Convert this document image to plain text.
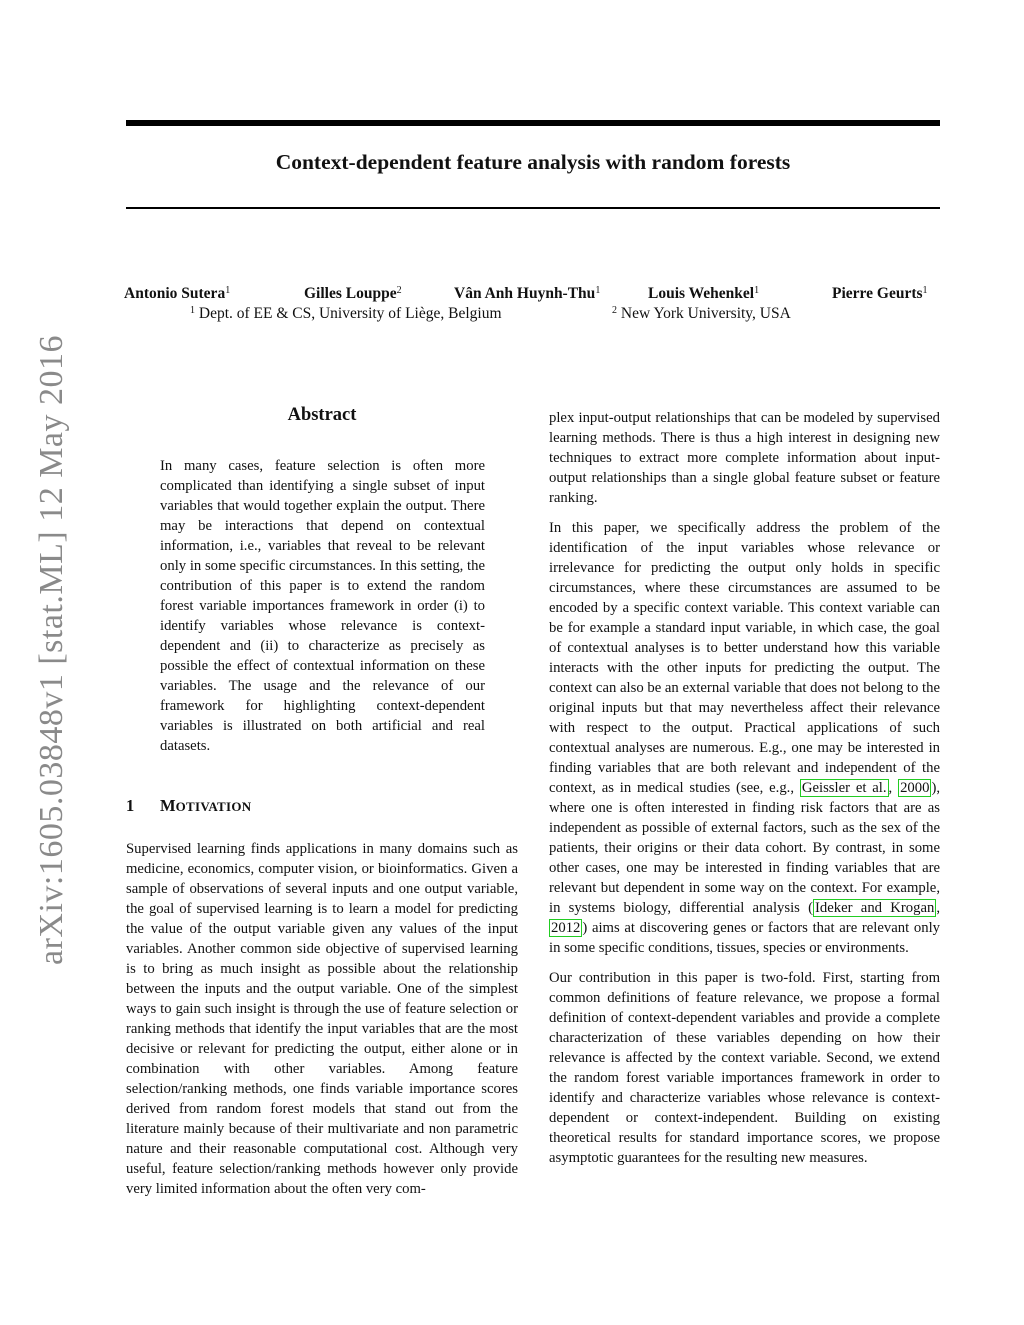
Context-dependent feature analysis with random forests
Antonio Sutera$^1$	Gilles Louppe$^2$	Vân Anh Huynh-Thu$^1$	Louis Wehenkel$^1$	Pierre Geurts$^1$
$^1$ Dept. of EE & CS, University of Liège, Belgium	$^2$ New York University, USA
arXiv:1605.03848v1 [stat.ML] 12 May 2016	Abstract

In many cases, feature selection is often more complicated than identifying a single subset of input variables that would together explain the output. There may be interactions that depend on contextual information, i.e., variables that reveal to be relevant only in some specific circumstances. In this setting, the contribution of this paper is to extend the random forest variable importances framework in order (i) to identify variables whose relevance is context-dependent and (ii) to characterize as precisely as possible the effect of contextual information on these variables. The usage and the relevance of our framework for highlighting context-dependent variables is illustrated on both artificial and real datasets.

1 MOTIVATION

Supervised learning finds applications in many domains such as medicine, economics, computer vision, or bioinformatics. Given a sample of observations of several inputs and one output variable, the goal of supervised learning is to learn a model for predicting the value of the output variable given any values of the input variables. Another common side objective of supervised learning is to bring as much insight as possible about the relationship between the inputs and the output variable. One of the simplest ways to gain such insight is through the use of feature selection or ranking methods that identify the input variables that are the most decisive or relevant for predicting the output, either alone or in combination with other variables. Among feature selection/ranking methods, one finds variable importance scores derived from random forest models that stand out from the literature mainly because of their multivariate and non parametric nature and their reasonable computational cost. Although very useful, feature selection/ranking methods however only provide very limited information about the often very com-

plex input-output relationships that can be modeled by supervised learning methods. There is thus a high interest in designing new techniques to extract more complete information about input-output relationships than a single global feature subset or feature ranking.

In this paper, we specifically address the problem of the identification of the input variables whose relevance or irrelevance for predicting the output only holds in specific circumstances, where these circumstances are assumed to be encoded by a specific context variable. This context variable can be for example a standard input variable, in which case, the goal of contextual analyses is to better understand how this variable interacts with the other inputs for predicting the output. The context can also be an external variable that does not belong to the original inputs but that may nevertheless affect their relevance with respect to the output. Practical applications of such contextual analyses are numerous. E.g., one may be interested in finding variables that are both relevant and independent of the context, as in medical studies (see, e.g., Geissler et al. , 2000 ), where one is often interested in finding risk factors that are as independent as possible of external factors, such as the sex of the patients, their origins or their data cohort. By contrast, in some other cases, one may be interested in finding variables that are relevant but dependent in some way on the context. For example, in systems biology, differential analysis ( Ideker and Krogan , 2012 ) aims at discovering genes or factors that are relevant only in some specific conditions, tissues, species or environments.

Our contribution in this paper is two-fold. First, starting from common definitions of feature relevance, we propose a formal definition of context-dependent variables and provide a complete characterization of these variables depending on how their relevance is affected by the context variable. Second, we extend the random forest variable importances framework in order to identify and characterize variables whose relevance is context-dependent or context-independent. Building on existing theoretical results for standard importance scores, we propose asymptotic guarantees for the resulting new measures.
